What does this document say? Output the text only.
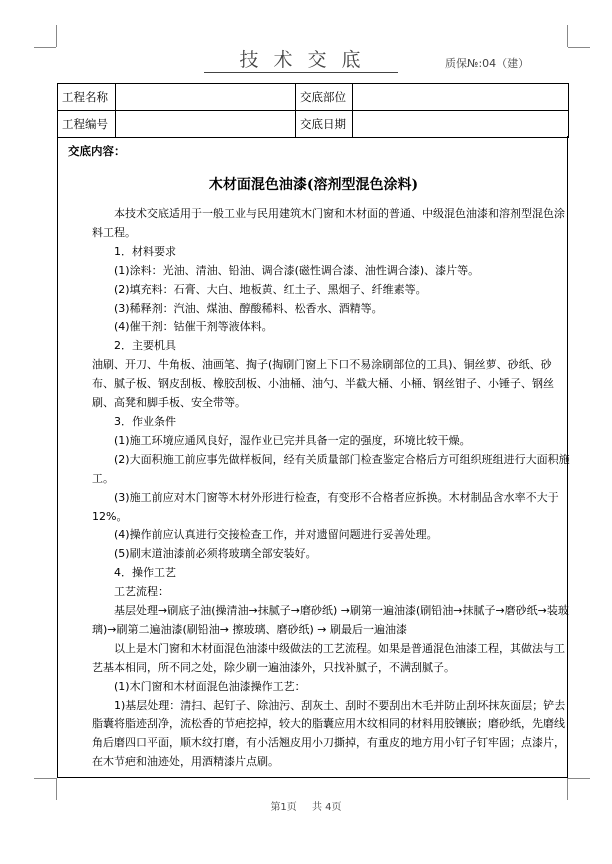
技术交底	质保№:04（建）
工程名称		交底部位	
工程编号		交底日期	
交底内容：
木材面混色油漆(溶剂型混色涂料)

本技术交底适用于一般工业与民用建筑木门窗和木材面的普通、中级混色油漆和溶剂型混色涂料工程。

1．材料要求

(1)涂料：光油、清油、铅油、调合漆(磁性调合漆、油性调合漆)、漆片等。

(2)填充料：石膏、大白、地板黄、红土子、黑烟子、纤维素等。

(3)稀释剂：汽油、煤油、醇酸稀料、松香水、酒精等。

(4)催干剂：钴催干剂等液体料。

2．主要机具

油刷、开刀、牛角板、油画笔、掏子(掏刷门窗上下口不易涂刷部位的工具)、铜丝萝、砂纸、砂布、腻子板、钢皮刮板、橡胶刮板、小油桶、油勺、半截大桶、小桶、钢丝钳子、小锤子、钢丝刷、高凳和脚手板、安全带等。

3．作业条件

(1)施工环境应通风良好，湿作业已完并具备一定的强度，环境比较干燥。

(2)大面积施工前应事先做样板间，经有关质量部门检查鉴定合格后方可组织班组进行大面积施工。

(3)施工前应对木门窗等木材外形进行检查，有变形不合格者应拆换。木材制品含水率不大于 12%。

(4)操作前应认真进行交接检查工作，并对遗留问题进行妥善处理。

(5)刷末道油漆前必须将玻璃全部安装好。

4．操作工艺

工艺流程：

基层处理→刷底子油(操清油→抹腻子→磨砂纸) →刷第一遍油漆(刷铅油→抹腻子→磨砂纸→装玻璃)→刷第二遍油漆(刷铅油→ 擦玻璃、磨砂纸) → 刷最后一遍油漆

以上是木门窗和木材面混色油漆中级做法的工艺流程。如果是普通混色油漆工程，其做法与工艺基本相同，所不同之处，除少刷一遍油漆外，只找补腻子，不满刮腻子。

(1)木门窗和木材面混色油漆操作工艺：

1)基层处理：清扫、起钉子、除油污、刮灰土、刮时不要刮出木毛并防止刮坏抹灰面层；铲去脂囊将脂迹刮净，流松香的节疤挖掉，较大的脂囊应用木纹相同的材料用胶镶嵌；磨砂纸，先磨线角后磨四口平面，顺木纹打磨，有小活翘皮用小刀撕掉，有重皮的地方用小钉子钉牢固；点漆片，在木节疤和油迹处，用酒精漆片点刷。

第1页 共 4页
